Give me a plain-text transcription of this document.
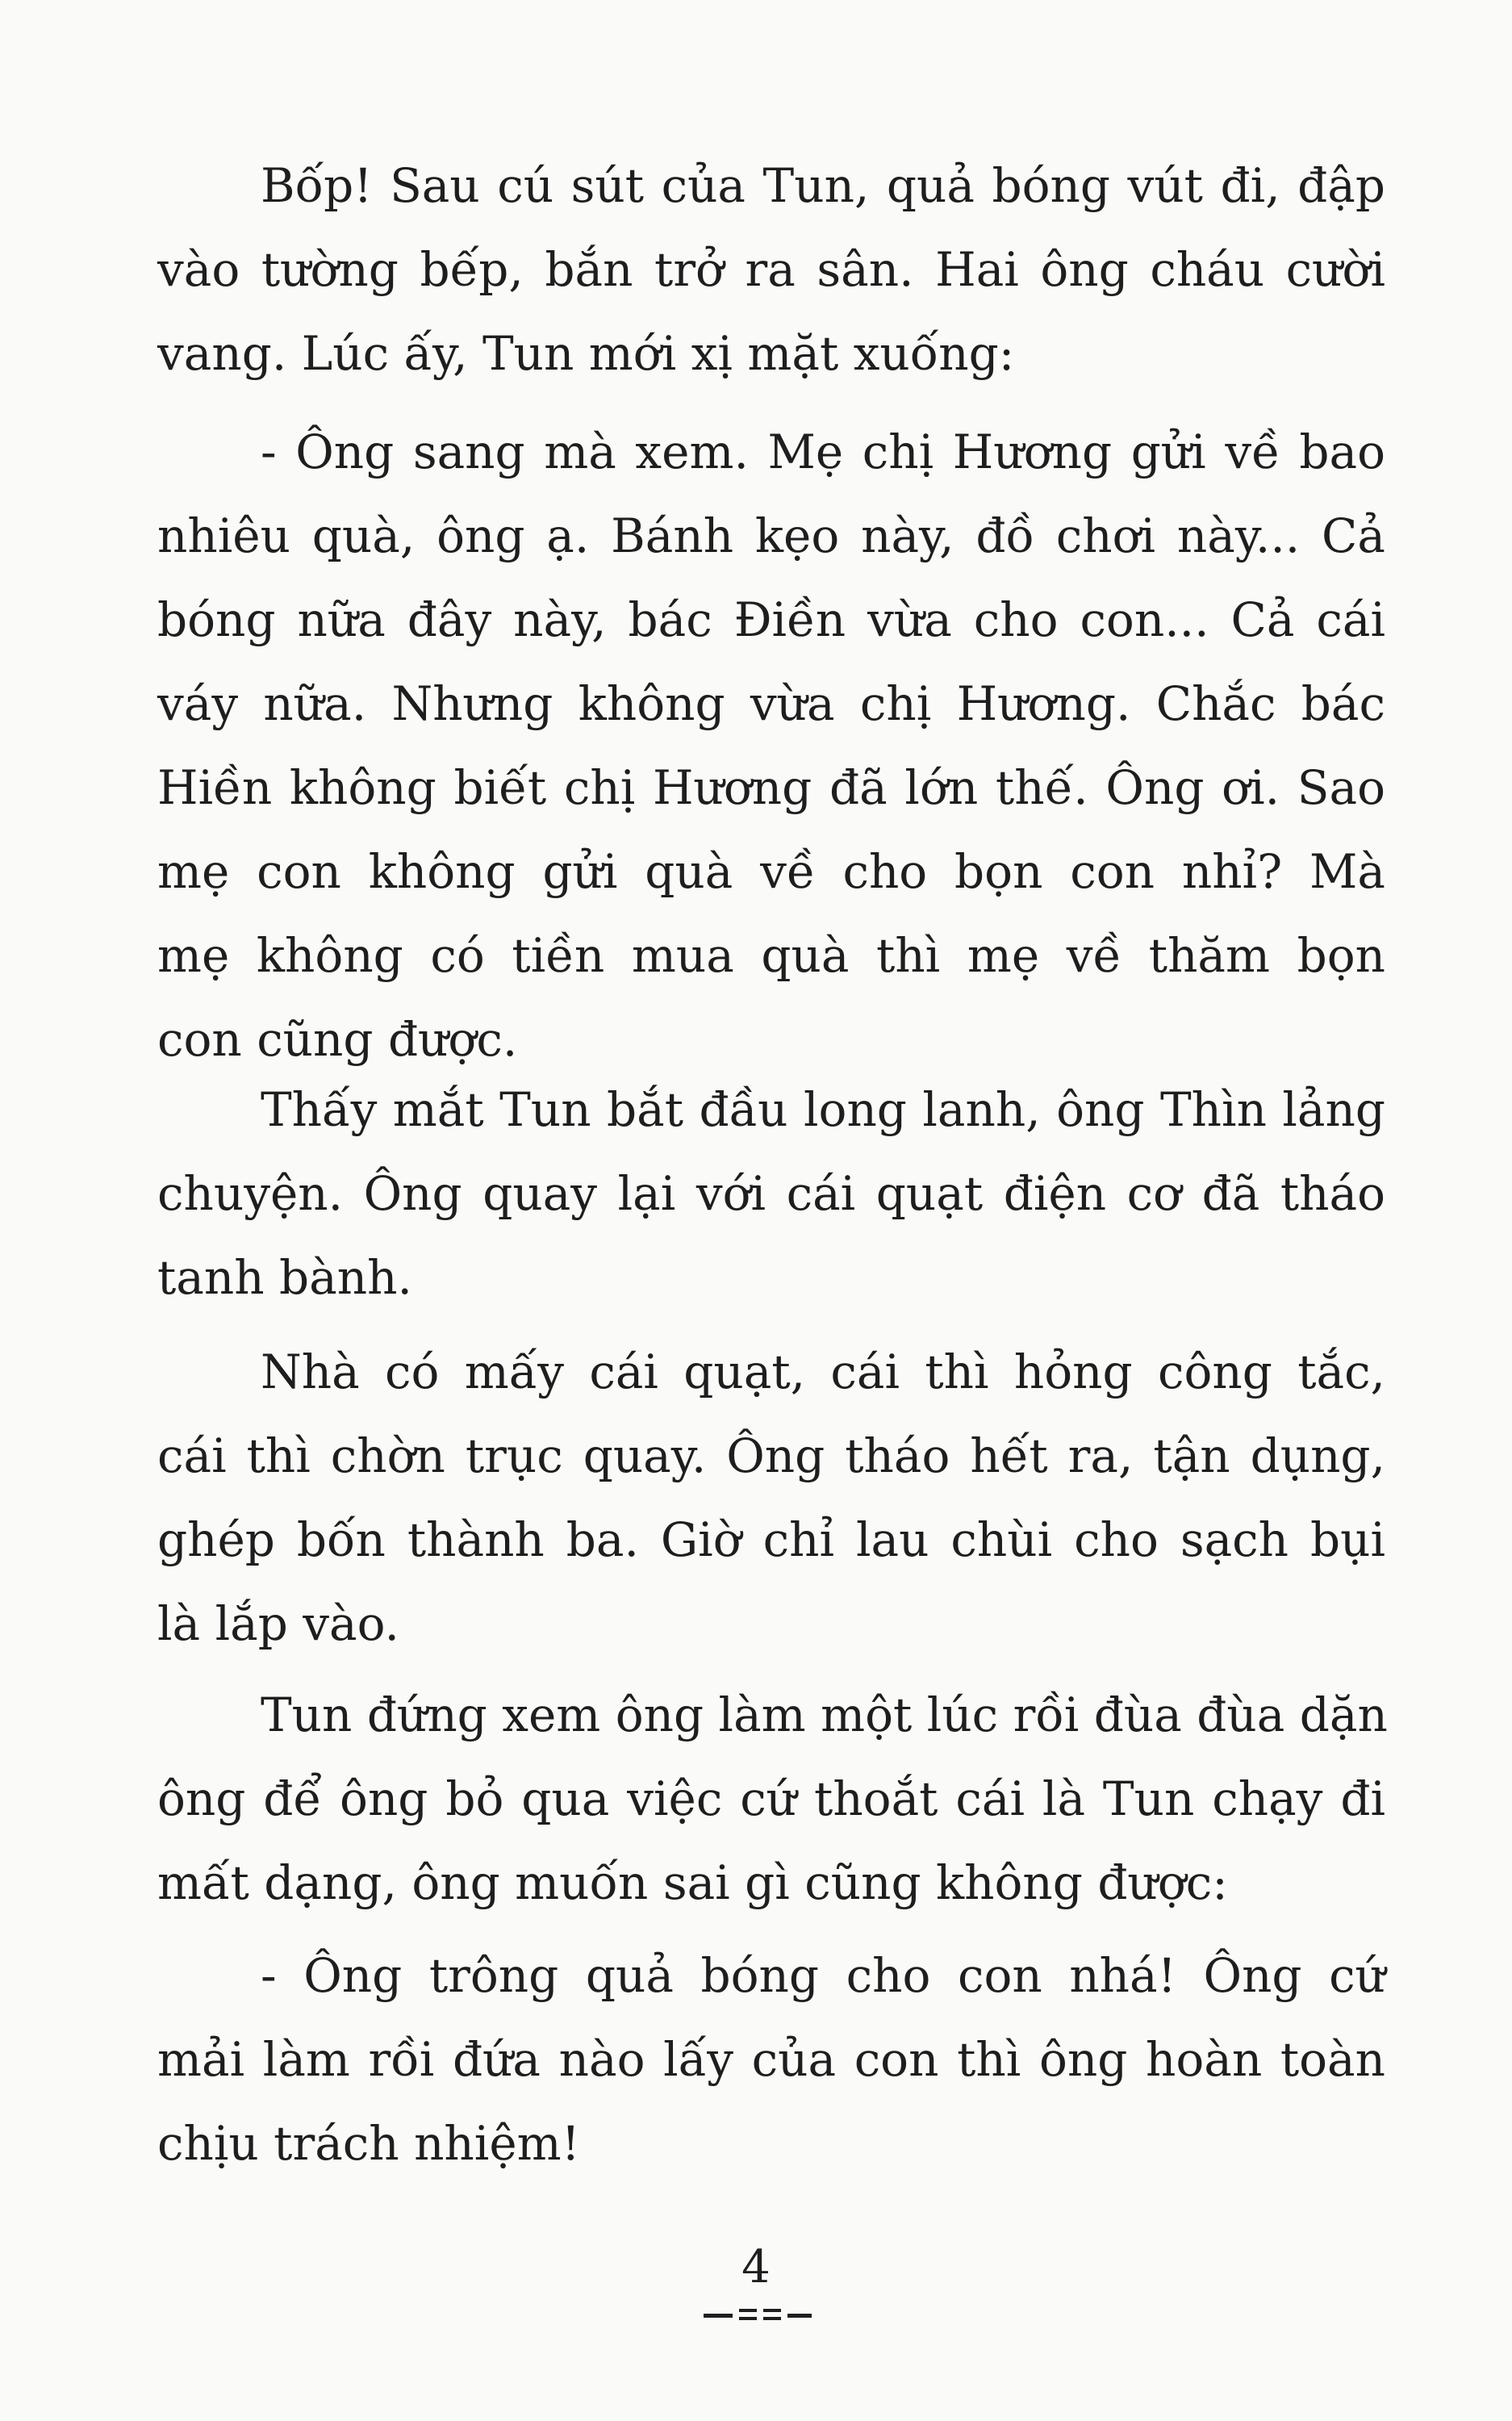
Bốp! Sau cú sút của Tun, quả bóng vút đi, đập
vào tường bếp, bắn trở ra sân. Hai ông cháu cười
vang. Lúc ấy, Tun mới xị mặt xuống:
- Ông sang mà xem. Mẹ chị Hương gửi về bao
nhiêu quà, ông ạ. Bánh kẹo này, đồ chơi này... Cả
bóng nữa đây này, bác Điền vừa cho con... Cả cái
váy nữa. Nhưng không vừa chị Hương. Chắc bác
Hiền không biết chị Hương đã lớn thế. Ông ơi. Sao
mẹ con không gửi quà về cho bọn con nhỉ? Mà
mẹ không có tiền mua quà thì mẹ về thăm bọn
con cũng được.
Thấy mắt Tun bắt đầu long lanh, ông Thìn lảng
chuyện. Ông quay lại với cái quạt điện cơ đã tháo
tanh bành.
Nhà có mấy cái quạt, cái thì hỏng công tắc,
cái thì chờn trục quay. Ông tháo hết ra, tận dụng,
ghép bốn thành ba. Giờ chỉ lau chùi cho sạch bụi
là lắp vào.
Tun đứng xem ông làm một lúc rồi đùa đùa dặn
ông để ông bỏ qua việc cứ thoắt cái là Tun chạy đi
mất dạng, ông muốn sai gì cũng không được:
- Ông trông quả bóng cho con nhá! Ông cứ
mải làm rồi đứa nào lấy của con thì ông hoàn toàn
chịu trách nhiệm!
4
